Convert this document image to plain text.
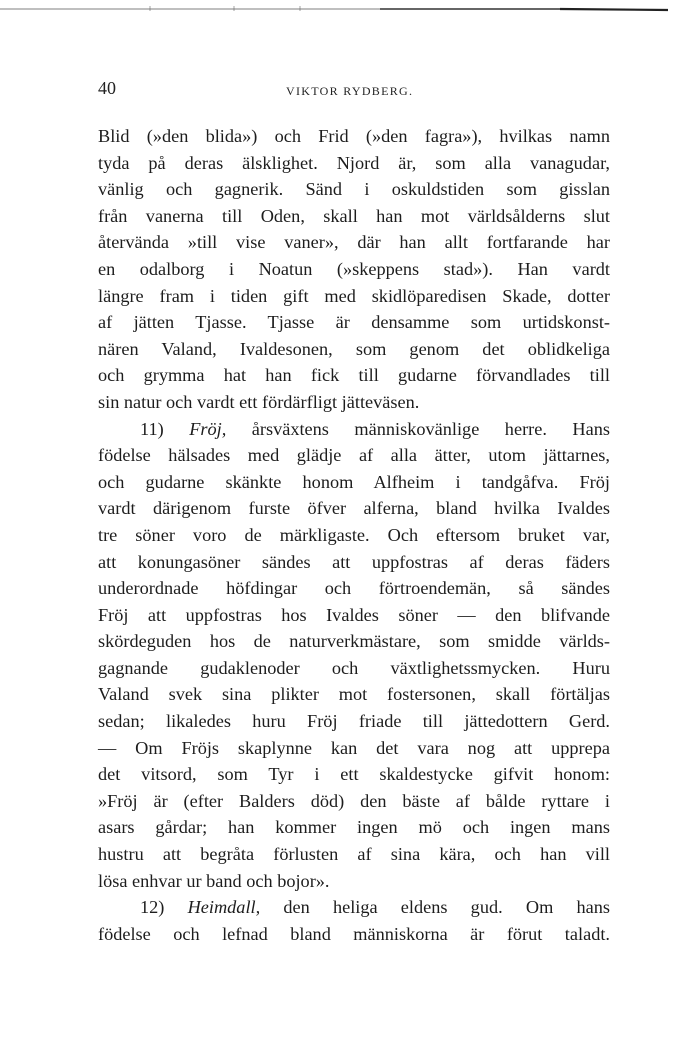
40	VIKTOR RYDBERG.
Blid (»den blida») och Frid (»den fagra»), hvilkas namn
tyda på deras älsklighet. Njord är, som alla vanagudar,
vänlig och gagnerik. Sänd i oskuldstiden som gisslan
från vanerna till Oden, skall han mot världsålderns slut
återvända »till vise vaner», där han allt fortfarande har
en odalborg i Noatun (»skeppens stad»). Han vardt
längre fram i tiden gift med skidlöparedisen Skade, dotter
af jätten Tjasse. Tjasse är densamme som urtidskonst-
nären Valand, Ivaldesonen, som genom det oblidkeliga
och grymma hat han fick till gudarne förvandlades till
sin natur och vardt ett fördärfligt jätteväsen.
11) Fröj, årsväxtens människovänlige herre. Hans
födelse hälsades med glädje af alla ätter, utom jättarnes,
och gudarne skänkte honom Alfheim i tandgåfva. Fröj
vardt därigenom furste öfver alferna, bland hvilka Ivaldes
tre söner voro de märkligaste. Och eftersom bruket var,
att konungasöner sändes att uppfostras af deras fäders
underordnade höfdingar och förtroendemän, så sändes
Fröj att uppfostras hos Ivaldes söner — den blifvande
skördeguden hos de naturverkmästare, som smidde världs-
gagnande gudaklenoder och växtlighetssmycken. Huru
Valand svek sina plikter mot fostersonen, skall förtäljas
sedan; likaledes huru Fröj friade till jättedottern Gerd.
— Om Fröjs skaplynne kan det vara nog att upprepa
det vitsord, som Tyr i ett skaldestycke gifvit honom:
»Fröj är (efter Balders död) den bäste af bålde ryttare i
asars gårdar; han kommer ingen mö och ingen mans
hustru att begråta förlusten af sina kära, och han vill
lösa enhvar ur band och bojor».
12) Heimdall, den heliga eldens gud. Om hans
födelse och lefnad bland människorna är förut taladt.
